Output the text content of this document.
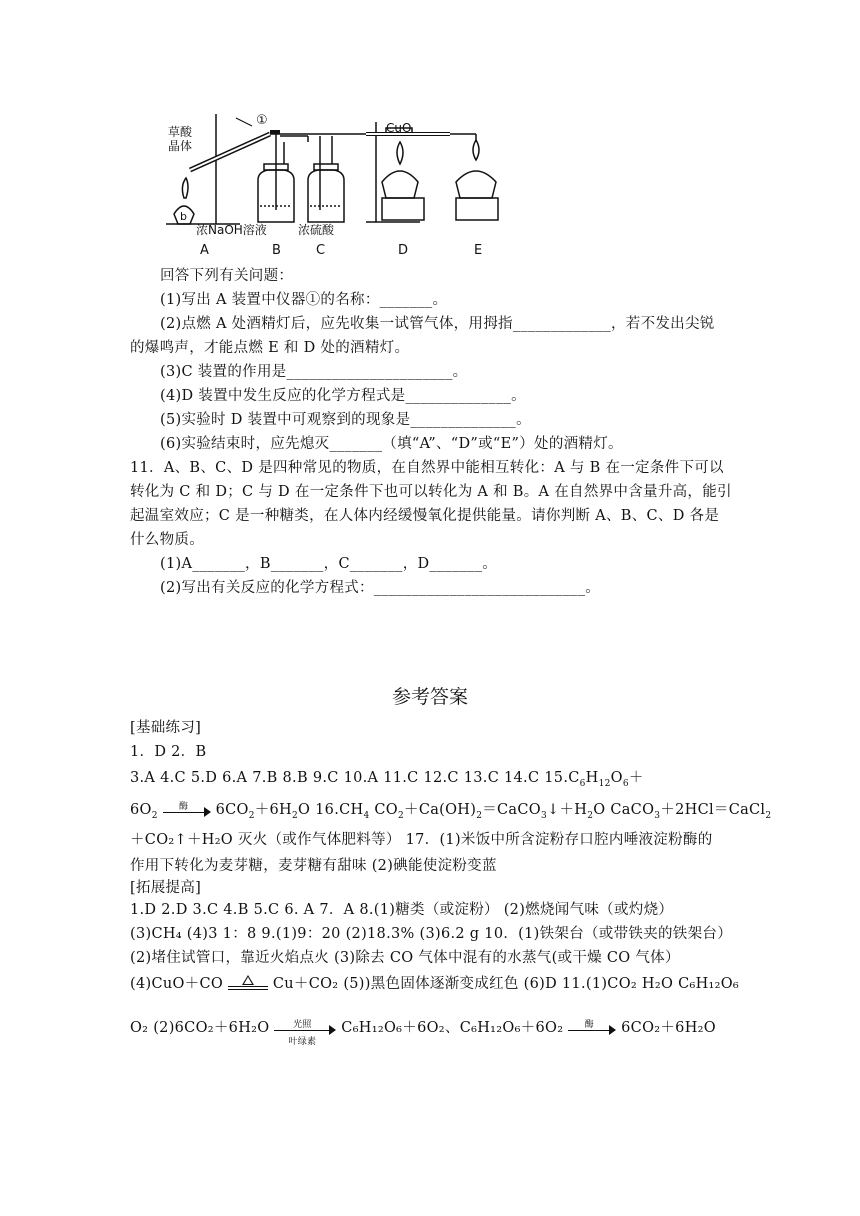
①
草酸
晶体
浓NaOH溶液	浓硫酸
CuO
A	B	C	D	E
b
回答下列有关问题：
(1)写出 A 装置中仪器①的名称：_______。
(2)点燃 A 处酒精灯后，应先收集一试管气体，用拇指_____________，若不发出尖锐
的爆鸣声，才能点燃 E 和 D 处的酒精灯。
(3)C 装置的作用是______________________。
(4)D 装置中发生反应的化学方程式是______________。
(5)实验时 D 装置中可观察到的现象是______________。
(6)实验结束时，应先熄灭_______（填“A”、“D”或“E”）处的酒精灯。
11．A、B、C、D 是四种常见的物质，在自然界中能相互转化：A 与 B 在一定条件下可以
转化为 C 和 D；C 与 D 在一定条件下也可以转化为 A 和 B。A 在自然界中含量升高，能引
起温室效应；C 是一种糖类，在人体内经缓慢氧化提供能量。请你判断 A、B、C、D 各是
什么物质。
(1)A_______，B_______，C_______，D_______。
(2)写出有关反应的化学方程式：____________________________。
参考答案
[基础练习]
1．D 2．B
3.A 4.C 5.D 6.A 7.B 8.B 9.C 10.A 11.C 12.C 13.C 14.C $15.C_6H_{12}O_6+$
$6O_2$
酶	$6CO_2+6H_2O$ $16.CH_4$ $CO_2+Ca(OH)_2=CaCO_3↓+H_2O$ CaCO$_3$＋2HCl＝CaCl$_2$
＋CO₂↑＋H₂O 灭火（或作气体肥料等） 17．(1)米饭中所含淀粉存口腔内唾液淀粉酶的
作用下转化为麦芽糖，麦芽糖有甜味 (2)碘能使淀粉变蓝
[拓展提高]
1.D 2.D 3.C 4.B 5.C 6. A 7．A 8.(1)糖类（或淀粉） (2)燃烧闻气味（或灼烧）
(3)CH₄ (4)3 1：8 9.(1)9：20 (2)18.3% (3)6.2 g 10．(1)铁架台（或带铁夹的铁架台）
(2)堵住试管口，靠近火焰点火 (3)除去 CO 气体中混有的水蒸气(或干燥 CO 气体）
(4)CuO＋CO	Cu＋CO₂ (5))黑色固体逐渐变成红色 (6)D 11.(1)CO₂ H₂O C₆H₁₂O₆
O₂ (2)6CO₂＋6H₂O	光照
叶绿素
C₆H₁₂O₆＋6O₂、C₆H₁₂O₆＋6O₂	酶	6CO₂＋6H₂O
